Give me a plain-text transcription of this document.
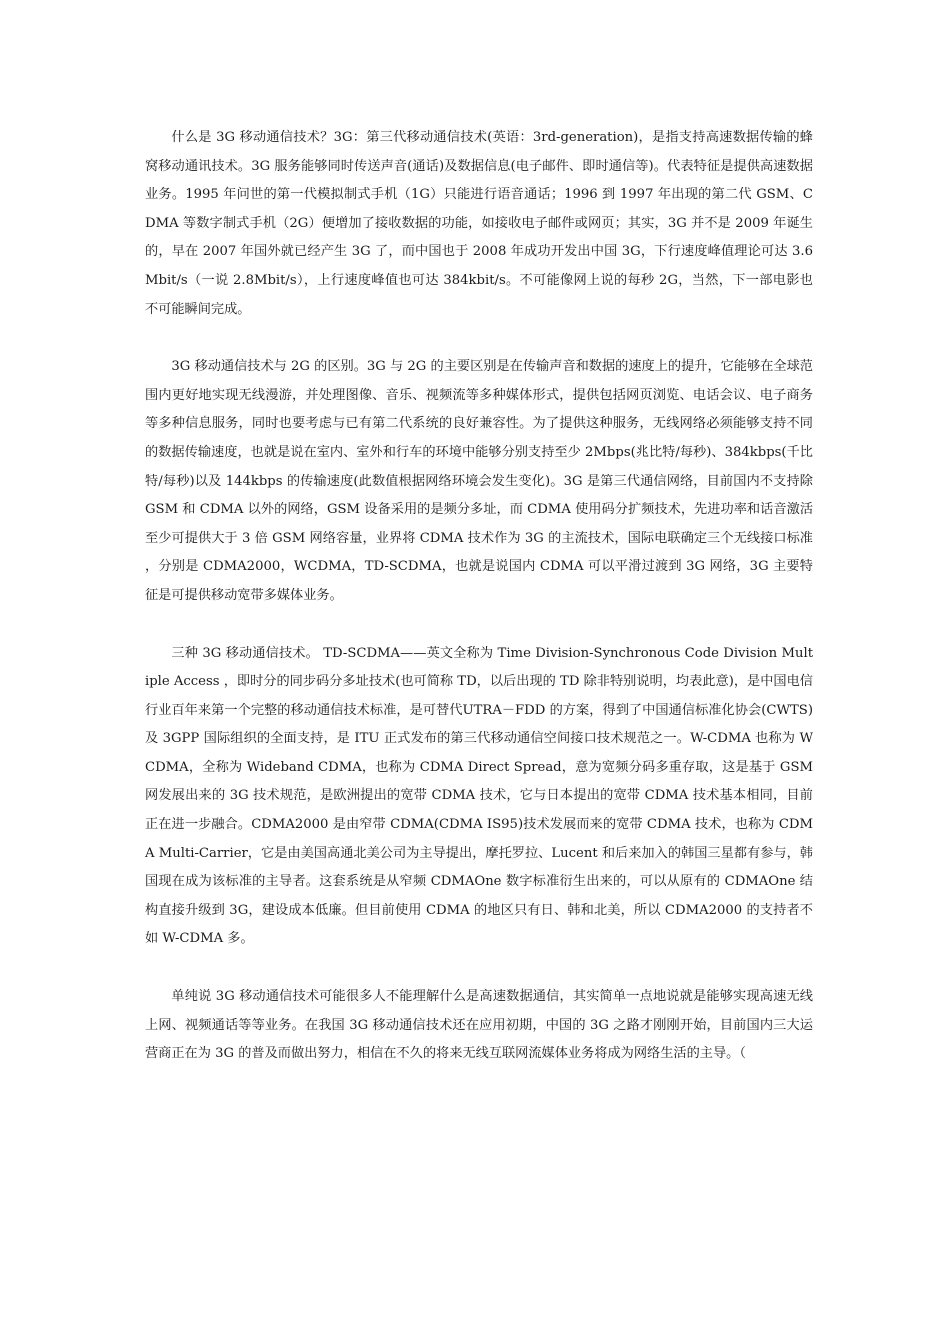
什么是 3G 移动通信技术？3G：第三代移动通信技术(英语：3rd-generation)，是指支持高速数据传输的蜂窝移动通讯技术。3G 服务能够同时传送声音(通话)及数据信息(电子邮件、即时通信等)。代表特征是提供高速数据业务。1995 年问世的第一代模拟制式手机（1G）只能进行语音通话；1996 到 1997 年出现的第二代 GSM、CDMA 等数字制式手机（2G）便增加了接收数据的功能，如接收电子邮件或网页；其实，3G 并不是 2009 年诞生的，早在 2007 年国外就已经产生 3G 了，而中国也于 2008 年成功开发出中国 3G，下行速度峰值理论可达 3.6Mbit/s（一说 2.8Mbit/s），上行速度峰值也可达 384kbit/s。不可能像网上说的每秒 2G，当然，下一部电影也不可能瞬间完成。

3G 移动通信技术与 2G 的区别。3G 与 2G 的主要区别是在传输声音和数据的速度上的提升，它能够在全球范围内更好地实现无线漫游，并处理图像、音乐、视频流等多种媒体形式，提供包括网页浏览、电话会议、电子商务等多种信息服务，同时也要考虑与已有第二代系统的良好兼容性。为了提供这种服务，无线网络必须能够支持不同的数据传输速度，也就是说在室内、室外和行车的环境中能够分别支持至少 2Mbps(兆比特/每秒)、384kbps(千比特/每秒)以及 144kbps 的传输速度(此数值根据网络环境会发生变化)。3G 是第三代通信网络，目前国内不支持除 GSM 和 CDMA 以外的网络，GSM 设备采用的是频分多址，而 CDMA 使用码分扩频技术，先进功率和话音激活至少可提供大于 3 倍 GSM 网络容量，业界将 CDMA 技术作为 3G 的主流技术，国际电联确定三个无线接口标准，分别是 CDMA2000，WCDMA，TD-SCDMA，也就是说国内 CDMA 可以平滑过渡到 3G 网络，3G 主要特征是可提供移动宽带多媒体业务。

三种 3G 移动通信技术。 TD-SCDMA——英文全称为 Time Division-Synchronous Code Division Multiple Access ，即时分的同步码分多址技术(也可简称 TD，以后出现的 TD 除非特别说明，均表此意)，是中国电信行业百年来第一个完整的移动通信技术标准，是可替代UTRA－FDD 的方案，得到了中国通信标准化协会(CWTS)及 3GPP 国际组织的全面支持，是 ITU 正式发布的第三代移动通信空间接口技术规范之一。W-CDMA 也称为 WCDMA，全称为 Wideband CDMA，也称为 CDMA Direct Spread，意为宽频分码多重存取，这是基于 GSM 网发展出来的 3G 技术规范，是欧洲提出的宽带 CDMA 技术，它与日本提出的宽带 CDMA 技术基本相同，目前正在进一步融合。CDMA2000 是由窄带 CDMA(CDMA IS95)技术发展而来的宽带 CDMA 技术，也称为 CDMA Multi-Carrier，它是由美国高通北美公司为主导提出，摩托罗拉、Lucent 和后来加入的韩国三星都有参与，韩国现在成为该标准的主导者。这套系统是从窄频 CDMAOne 数字标准衍生出来的，可以从原有的 CDMAOne 结构直接升级到 3G，建设成本低廉。但目前使用 CDMA 的地区只有日、韩和北美，所以 CDMA2000 的支持者不如 W-CDMA 多。

单纯说 3G 移动通信技术可能很多人不能理解什么是高速数据通信，其实简单一点地说就是能够实现高速无线上网、视频通话等等业务。在我国 3G 移动通信技术还在应用初期，中国的 3G 之路才刚刚开始，目前国内三大运营商正在为 3G 的普及而做出努力，相信在不久的将来无线互联网流媒体业务将成为网络生活的主导。（
